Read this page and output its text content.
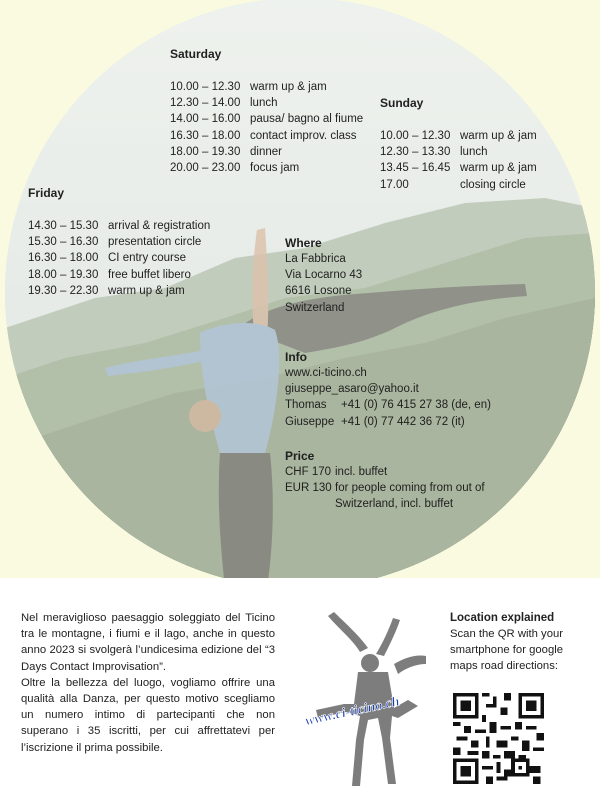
Saturday
10.00 – 12.30 warm up & jam
12.30 – 14.00 lunch
14.00 – 16.00 pausa/ bagno al fiume
16.30 – 18.00 contact improv. class
18.00 – 19.30 dinner
20.00 – 23.00 focus jam
Sunday
10.00 – 12.30 warm up & jam
12.30 – 13.30 lunch
13.45 – 16.45 warm up & jam
17.00	closing circle
Friday
14.30 – 15.30 arrival & registration
15.30 – 16.30 presentation circle
16.30 – 18.00 CI entry course
18.00 – 19.30 free buffet libero
19.30 – 22.30 warm up & jam
Where
La Fabbrica
Via Locarno 43
6616 Losone
Switzerland
Info
www.ci-ticino.ch
giuseppe_asaro@yahoo.it
Thomas	+41 (0) 76 415 27 38 (de, en)
Giuseppe +41 (0) 77 442 36 72 (it)
Price
CHF 170 incl. buffet
EUR 130 for people coming from out of
Switzerland, incl. buffet

Nel meraviglioso paesaggio soleggiato del Ticino tra le montagne, i fiumi e il lago, anche in questo anno 2023 si svolgerà l’undicesima edizione del “3 Days Contact Improvisation”.

Oltre la bellezza del luogo, vogliamo offrire una qualità alla Danza, per questo motivo scegliamo un numero intimo di partecipanti che non superano i 35 iscritti, per cui affrettatevi per l’iscrizione il prima possibile.

www.ci-ticino.ch
Location explained
Scan the QR with your smartphone for google maps road directions:
